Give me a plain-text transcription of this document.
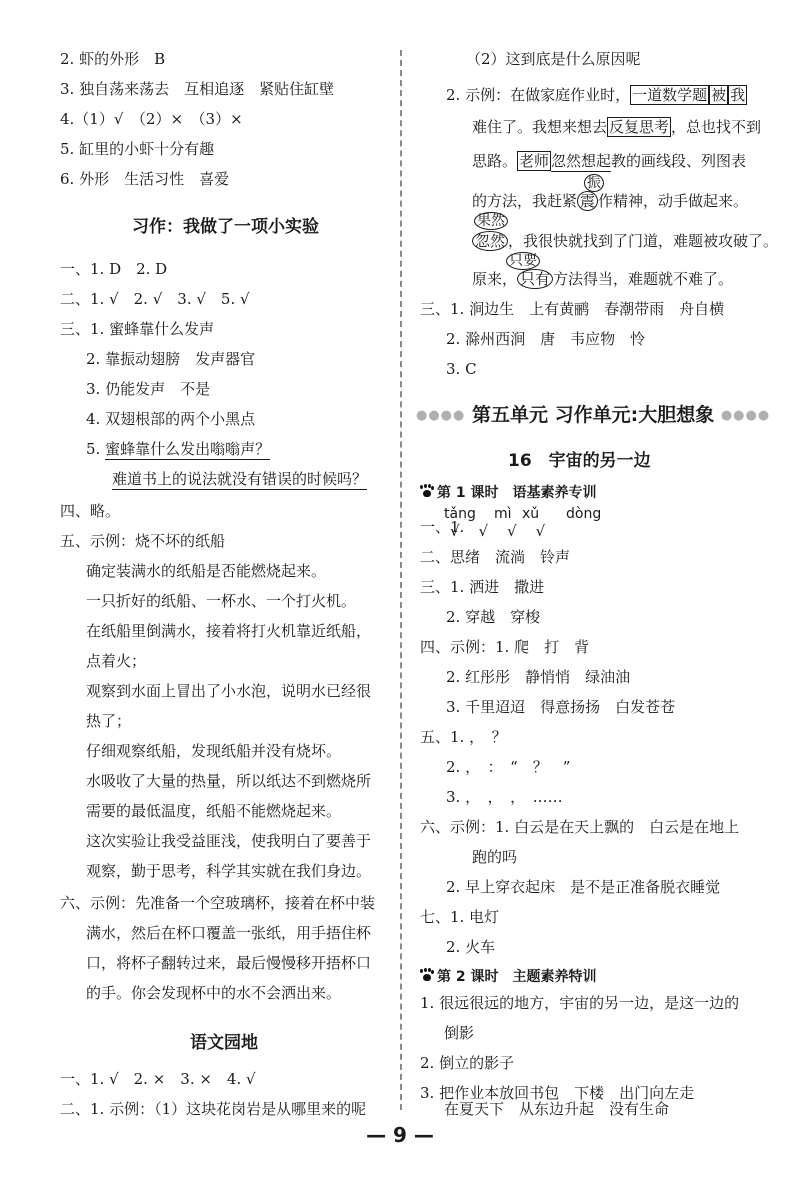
2. 虾的外形　B
3. 独自荡来荡去　互相追逐　紧贴住缸壁
4.（1）√　（2）×　（3）×
5. 缸里的小虾十分有趣
6. 外形　生活习性　喜爱
习作：我做了一项小实验
一、1. D　2. D
二、1. √　2. √　3. √　5. √
三、1. 蜜蜂靠什么发声
2. 靠振动翅膀　发声器官
3. 仍能发声　不是
4. 双翅根部的两个小黑点
5. 蜜蜂靠什么发出嗡嗡声？
难道书上的说法就没有错误的时候吗？
四、略。
五、示例：烧不坏的纸船
确定装满水的纸船是否能燃烧起来。
一只折好的纸船、一杯水、一个打火机。
在纸船里倒满水，接着将打火机靠近纸船，
点着火；
观察到水面上冒出了小水泡，说明水已经很
热了；
仔细观察纸船，发现纸船并没有烧坏。
水吸收了大量的热量，所以纸达不到燃烧所
需要的最低温度，纸船不能燃烧起来。
这次实验让我受益匪浅，使我明白了要善于
观察，勤于思考，科学其实就在我们身边。
六、示例：先准备一个空玻璃杯，接着在杯中装
满水，然后在杯口覆盖一张纸，用手捂住杯
口，将杯子翻转过来，最后慢慢移开捂杯口
的手。你会发现杯中的水不会洒出来。
语文园地
一、1. √　2. ×　3. ×　4. √
二、1. 示例：（1）这块花岗岩是从哪里来的呢
（2）这到底是什么原因呢
2. 示例：在做家庭作业时， 一道数学题 被 我
难住了。我想来想去 反复思考 ，总也找不到
思路。 老师 忽然想起教的画线段、列图表
振
的方法，我赶紧 震 作精神，动手做起来。
果然
忽然 ，我很快就找到了门道，难题被攻破了。
只要
原来， 只有 方法得当，难题就不难了。
三、1. 涧边生　上有黄鹂　春潮带雨　舟自横
2. 滁州西涧　唐　韦应物　怜
3. C
●●●● 第五单元 习作单元:大胆想象 ●●●●
16　宇宙的另一边
第 1 课时　语基素养专训
tǎng mì xǔ dòng
一、1.
√　√　√　√
二、思绪　流淌　铃声
三、1. 洒进　撒进
2. 穿越　穿梭
四、示例：1. 爬　打　背
2. 红彤彤　静悄悄　绿油油
3. 千里迢迢　得意扬扬　白发苍苍
五、1. ，　？
2. ，　：　“　？　”
3. ，　，　，　……
六、示例：1. 白云是在天上飘的　白云是在地上
跑的吗
2. 早上穿衣起床　是不是正准备脱衣睡觉
七、1. 电灯
2. 火车
第 2 课时　主题素养特训
1. 很远很远的地方，宇宙的另一边，是这一边的
倒影
2. 倒立的影子
3. 把作业本放回书包　下楼　出门向左走
在夏天下　从东边升起　没有生命
— 9 —
